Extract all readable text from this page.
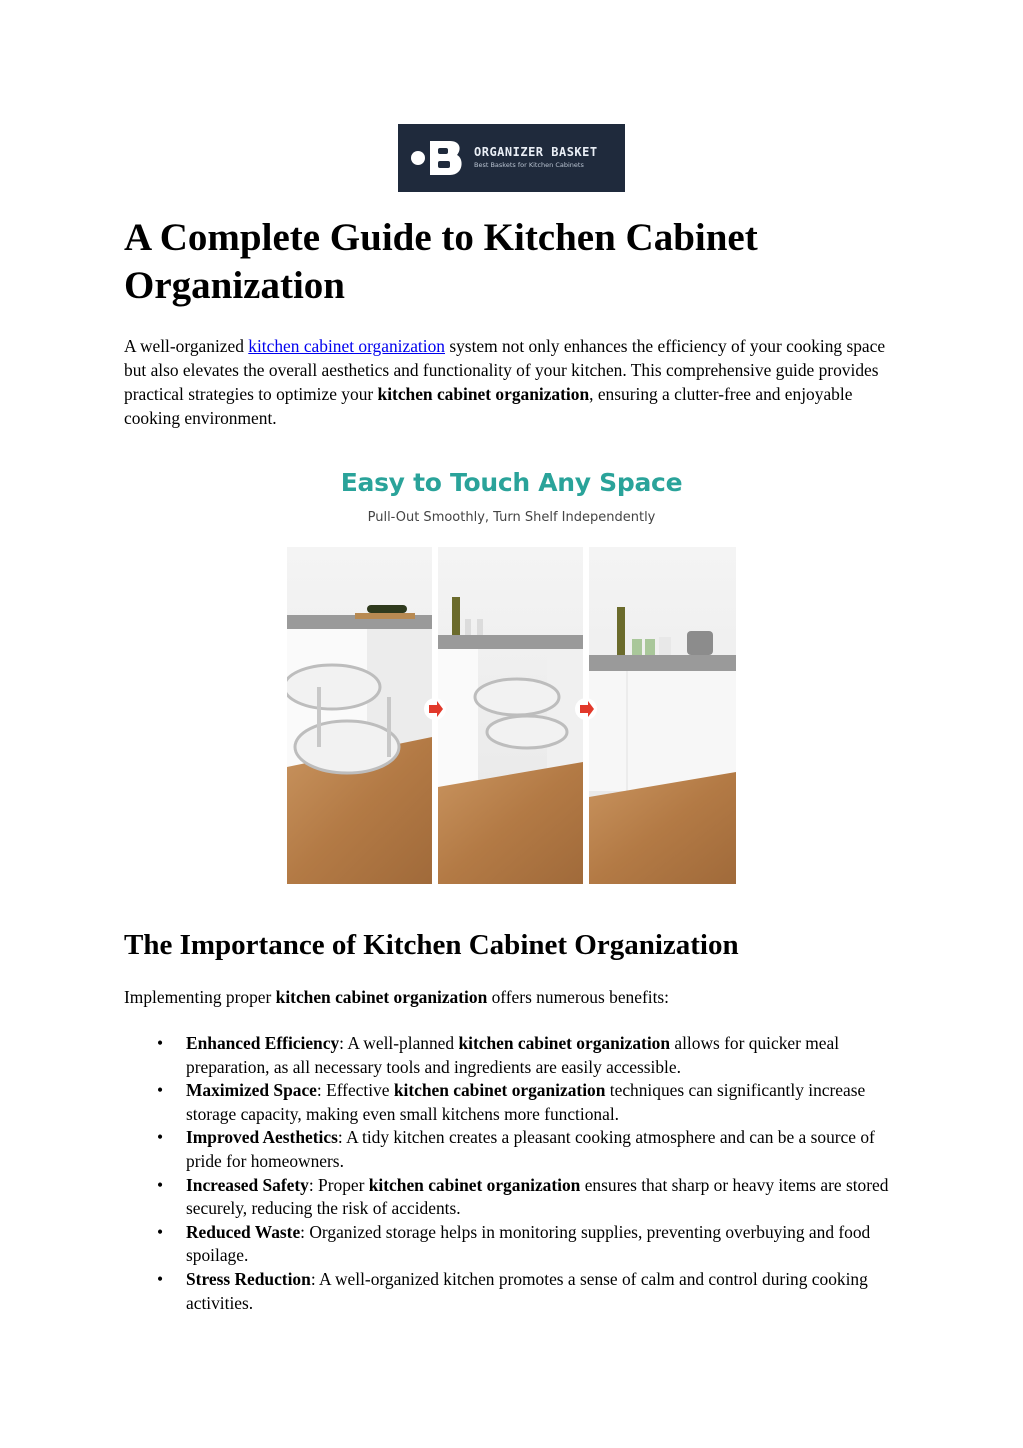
ORGANIZER BASKET
Best Baskets for Kitchen Cabinets
A Complete Guide to Kitchen Cabinet Organization

A well-organized kitchen cabinet organization system not only enhances the efficiency of your cooking space but also elevates the overall aesthetics and functionality of your kitchen. This comprehensive guide provides practical strategies to optimize your kitchen cabinet organization, ensuring a clutter-free and enjoyable cooking environment.

Easy to Touch Any Space
Pull-Out Smoothly, Turn Shelf Independently
The Importance of Kitchen Cabinet Organization

Implementing proper kitchen cabinet organization offers numerous benefits:

• Enhanced Efficiency: A well-planned kitchen cabinet organization allows for quicker meal preparation, as all necessary tools and ingredients are easily accessible.
• Maximized Space: Effective kitchen cabinet organization techniques can significantly increase storage capacity, making even small kitchens more functional.
• Improved Aesthetics: A tidy kitchen creates a pleasant cooking atmosphere and can be a source of pride for homeowners.
• Increased Safety: Proper kitchen cabinet organization ensures that sharp or heavy items are stored securely, reducing the risk of accidents.
• Reduced Waste: Organized storage helps in monitoring supplies, preventing overbuying and food spoilage.
• Stress Reduction: A well-organized kitchen promotes a sense of calm and control during cooking activities.
